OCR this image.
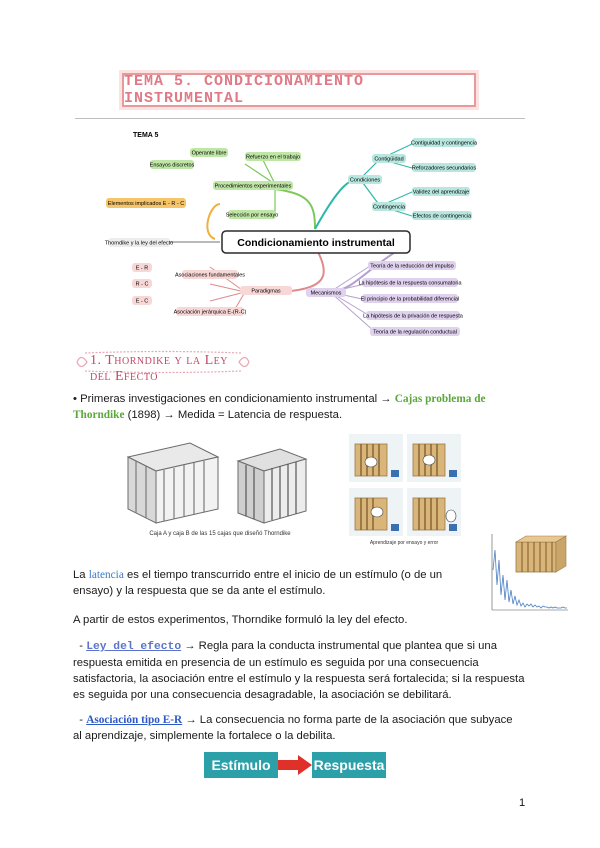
TEMA 5. CONDICIONAMIENTO INSTRUMENTAL
TEMA 5
Condicionamiento instrumental
Thorndike y la ley del efecto
Elementos implicados E - R - C
Procedimientos experimentales
Ensayos discretos
Operante libre
Refuerzo en el trabajo
Selección por ensayo
Condiciones
Contigüidad
Contingencia
Contiguidad y contingencia
Reforzadores secundarios
Validez del aprendizaje
Efectos de contingencia
Paradigmas
E - R
R - C
E - C
Asociaciones fundamentales
Asociación jerárquica E-(R-C)
Mecanismos
Teoría de la reducción del impulso
La hipótesis de la respuesta consumatoria
El principio de la probabilidad diferencial
La hipótesis de la privación de respuesta
Teoría de la regulación conductual
1. Thorndike y la Ley del Efecto
• Primeras investigaciones en condicionamiento instrumental → Cajas problema de Thorndike (1898) → Medida = Latencia de respuesta.
Caja A y caja B de las 15 cajas que diseñó Thorndike
Aprendizaje por ensayo y error
La latencia es el tiempo transcurrido entre el inicio de un estímulo (o de un
ensayo) y la respuesta que se da ante el estímulo.
A partir de estos experimentos, Thorndike formuló la ley del efecto.
- Ley del efecto → Regla para la conducta instrumental que plantea que si una
respuesta emitida en presencia de un estímulo es seguida por una consecuencia
satisfactoria, la asociación entre el estímulo y la respuesta será fortalecida; si la respuesta
es seguida por una consecuencia desagradable, la asociación se debilitará.
- Asociación tipo E-R → La consecuencia no forma parte de la asociación que subyace
al aprendizaje, simplemente la fortalece o la debilita.
Estímulo	Respuesta
1
